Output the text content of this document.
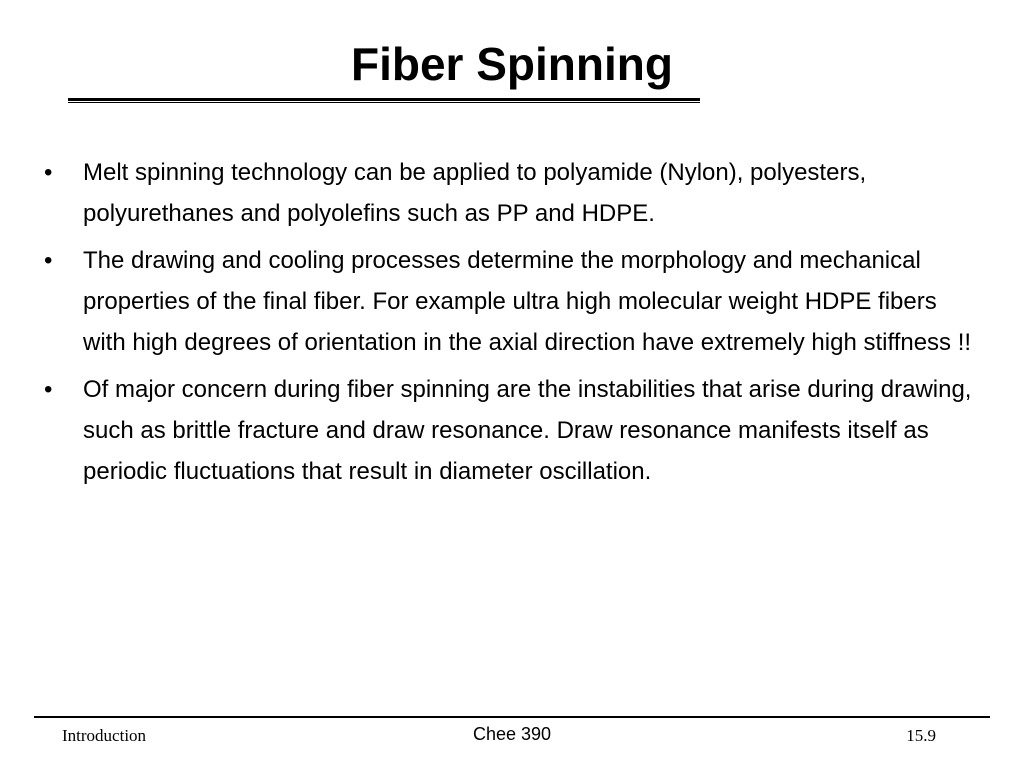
Fiber Spinning
•	Melt spinning technology can be applied to polyamide (Nylon), polyesters, polyurethanes and polyolefins such as PP and HDPE.
•	The drawing and cooling processes determine the morphology and mechanical properties of the final fiber. For example ultra high molecular weight HDPE fibers with high degrees of orientation in the axial direction have extremely high stiffness !!
•	Of major concern during fiber spinning are the instabilities that arise during drawing, such as brittle fracture and draw resonance. Draw resonance manifests itself as periodic fluctuations that result in diameter oscillation.
Introduction	Chee 390	15.9
